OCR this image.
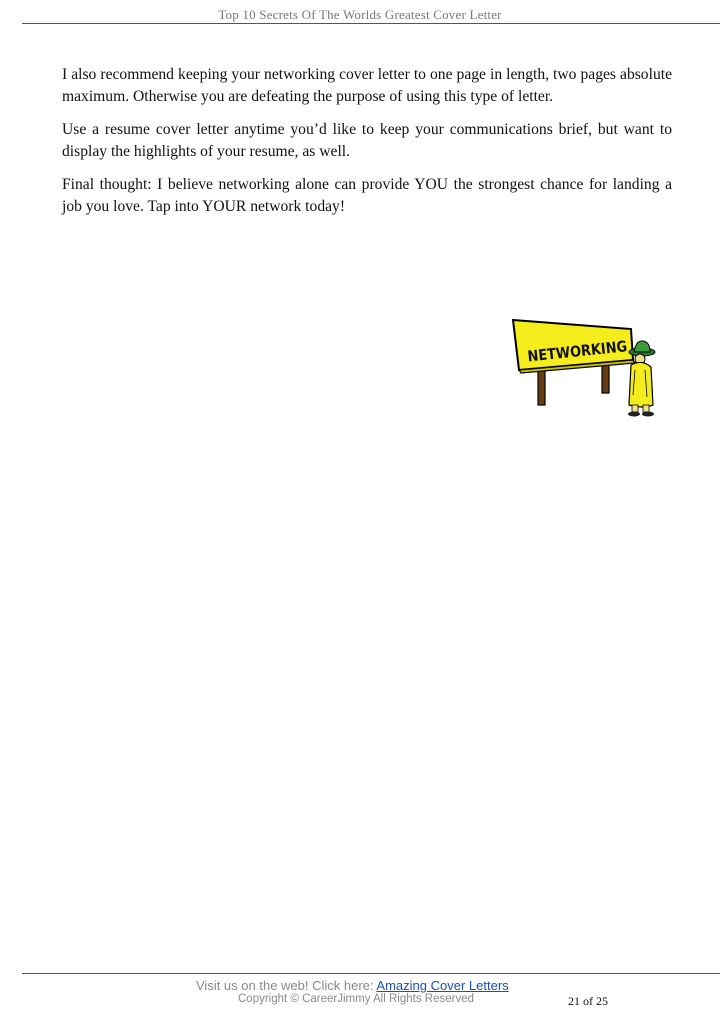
Top 10 Secrets Of The Worlds Greatest Cover Letter

I also recommend keeping your networking cover letter to one page in length, two pages absolute maximum. Otherwise you are defeating the purpose of using this type of letter.

Use a resume cover letter anytime you’d like to keep your communications brief, but want to display the highlights of your resume, as well.

Final thought: I believe networking alone can provide YOU the strongest chance for landing a job you love. Tap into YOUR network today!

NETWORKING
Visit us on the web! Click here: Amazing Cover Letters
Copyright © CareerJimmy All Rights Reserved	21 of 25
